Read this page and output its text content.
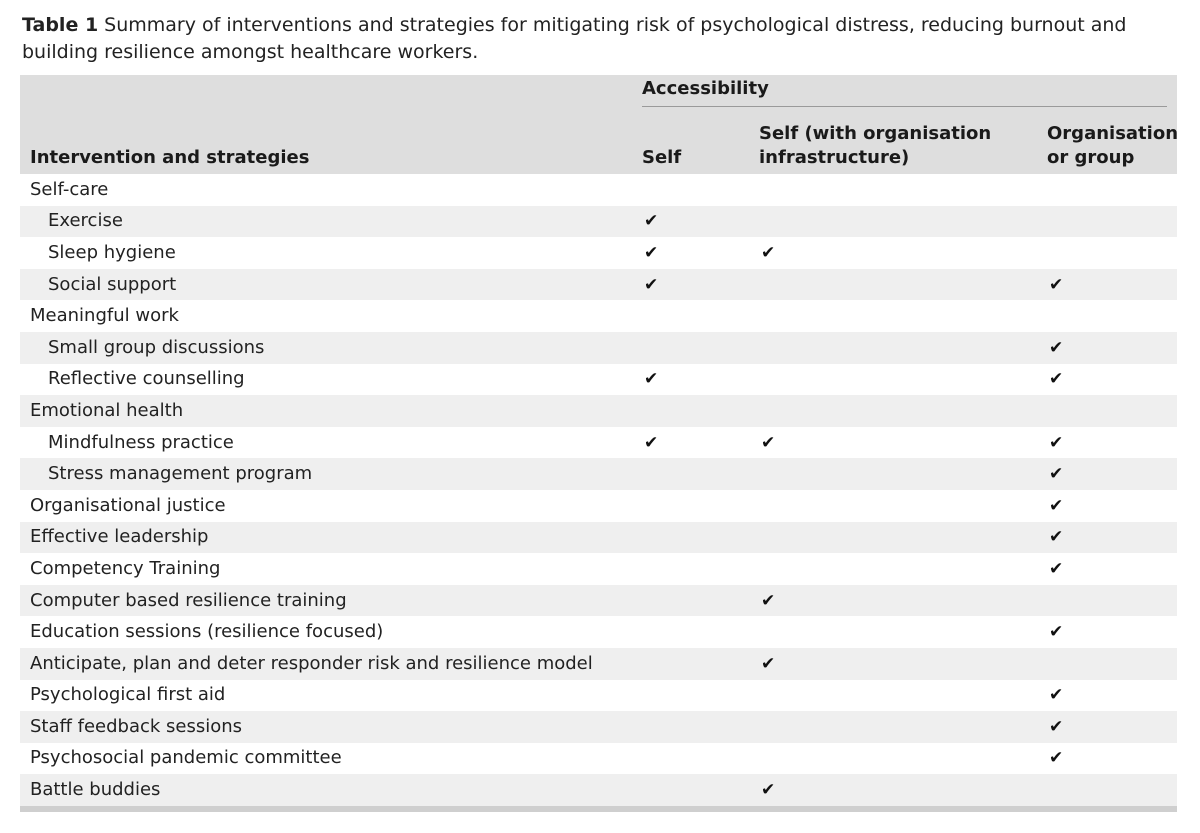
Table 1 Summary of interventions and strategies for mitigating risk of psychological distress, reducing burnout and building resilience amongst healthcare workers.

	Accessibility		

Intervention and strategies	Self	Self (with organisation infrastructure)	Organisation or group
Self-care			
Exercise	✔		
Sleep hygiene	✔	✔	
Social support	✔		✔
Meaningful work			
Small group discussions			✔
Reflective counselling	✔		✔
Emotional health			
Mindfulness practice	✔	✔	✔
Stress management program			✔
Organisational justice			✔
Effective leadership			✔
Competency Training			✔
Computer based resilience training		✔	
Education sessions (resilience focused)			✔
Anticipate, plan and deter responder risk and resilience model		✔	
Psychological first aid			✔
Staff feedback sessions			✔
Psychosocial pandemic committee			✔
Battle buddies		✔	
